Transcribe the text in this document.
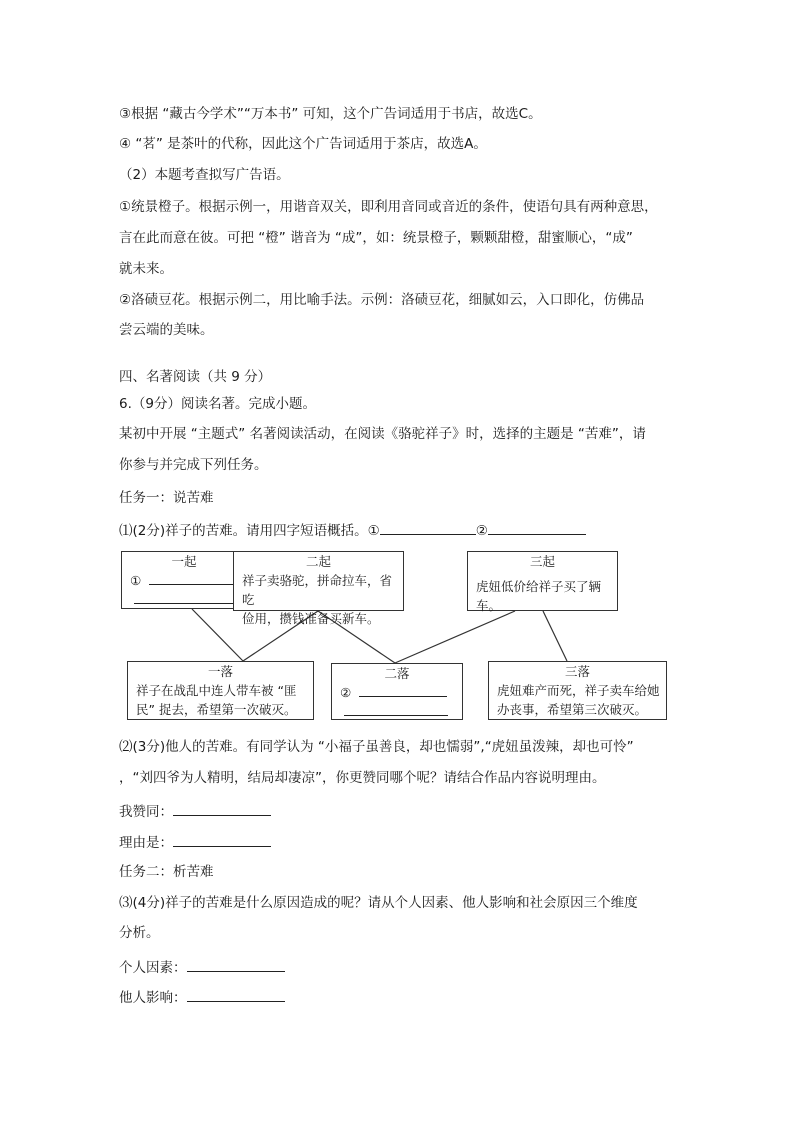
③根据 “藏古今学术”“万本书” 可知，这个广告词适用于书店，故选C。
④ “茗” 是茶叶的代称，因此这个广告词适用于茶店，故选A。
（2）本题考查拟写广告语。
①统景橙子。根据示例一，用谐音双关，即利用音同或音近的条件，使语句具有两种意思，
言在此而意在彼。可把 “橙” 谐音为 “成”，如：统景橙子，颗颗甜橙，甜蜜顺心，“成”
就未来。
②洛碛豆花。根据示例二，用比喻手法。示例：洛碛豆花，细腻如云，入口即化，仿佛品
尝云端的美味。
四、名著阅读（共 9 分）
6.（9分）阅读名著。完成小题。
某初中开展 “主题式” 名著阅读活动，在阅读《骆驼祥子》时，选择的主题是 “苦难”，请
你参与并完成下列任务。
任务一：说苦难
⑴(2分)祥子的苦难。请用四字短语概括。①	②
一起
①

二起
祥子卖骆驼，拼命拉车，省吃
俭用，攒钱准备买新车。
三起
虎妞低价给祥子买了辆车。
一落
祥子在战乱中连人带车被 “匪
民” 捉去，希望第一次破灭。
二落
②

三落
虎妞难产而死，祥子卖车给她
办丧事，希望第三次破灭。
⑵(3分)他人的苦难。有同学认为 “小福子虽善良，却也懦弱”,“虎妞虽泼辣，却也可怜”
，“刘四爷为人精明，结局却凄凉”，你更赞同哪个呢？请结合作品内容说明理由。
我赞同：
理由是：
任务二：析苦难
⑶(4分)祥子的苦难是什么原因造成的呢？请从个人因素、他人影响和社会原因三个维度
分析。
个人因素：
他人影响：
